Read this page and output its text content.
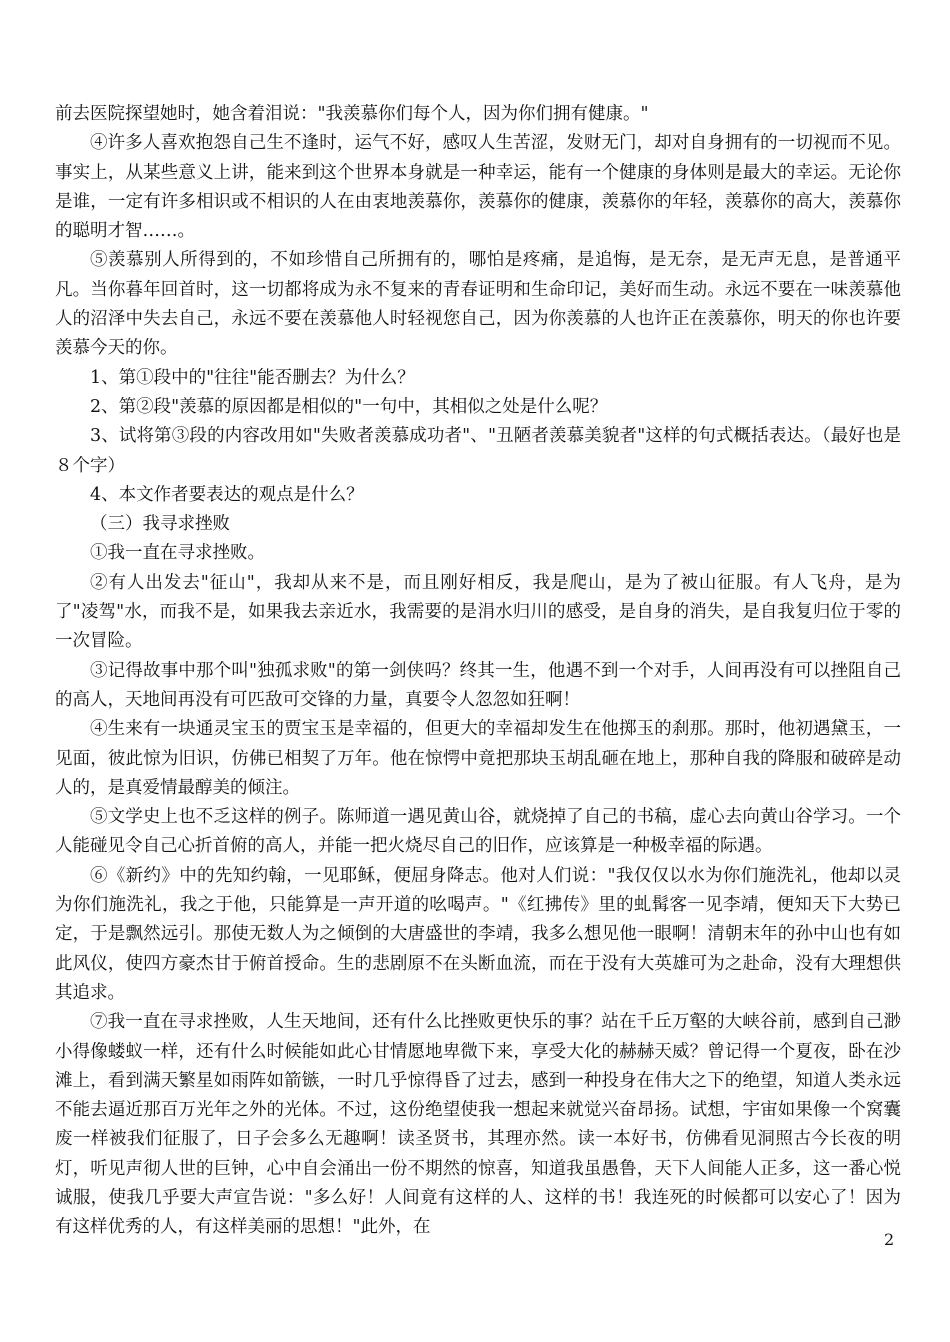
前去医院探望她时，她含着泪说："我羡慕你们每个人，因为你们拥有健康。"

④许多人喜欢抱怨自己生不逢时，运气不好，感叹人生苦涩，发财无门，却对自身拥有的一切视而不见。事实上，从某些意义上讲，能来到这个世界本身就是一种幸运，能有一个健康的身体则是最大的幸运。无论你是谁，一定有许多相识或不相识的人在由衷地羡慕你，羡慕你的健康，羡慕你的年轻，羡慕你的高大，羡慕你的聪明才智……。

⑤羡慕别人所得到的，不如珍惜自己所拥有的，哪怕是疼痛，是追悔，是无奈，是无声无息，是普通平凡。当你暮年回首时，这一切都将成为永不复来的青春证明和生命印记，美好而生动。永远不要在一味羡慕他人的沼泽中失去自己，永远不要在羡慕他人时轻视您自己，因为你羡慕的人也许正在羡慕你，明天的你也许要羡慕今天的你。

1、第①段中的"往往"能否删去？为什么？

2、第②段"羡慕的原因都是相似的"一句中，其相似之处是什么呢？

3、试将第③段的内容改用如"失败者羡慕成功者"、"丑陋者羡慕美貌者"这样的句式概括表达。（最好也是８个字）

4、本文作者要表达的观点是什么？

（三）我寻求挫败

①我一直在寻求挫败。

②有人出发去"征山"，我却从来不是，而且刚好相反，我是爬山，是为了被山征服。有人飞舟，是为了"凌驾"水，而我不是，如果我去亲近水，我需要的是涓水归川的感受，是自身的消失，是自我复归位于零的一次冒险。

③记得故事中那个叫"独孤求败"的第一剑侠吗？终其一生，他遇不到一个对手，人间再没有可以挫阻自己的高人，天地间再没有可匹敌可交锋的力量，真要令人忽忽如狂啊！

④生来有一块通灵宝玉的贾宝玉是幸福的，但更大的幸福却发生在他掷玉的刹那。那时，他初遇黛玉，一见面，彼此惊为旧识，仿佛已相契了万年。他在惊愕中竟把那块玉胡乱砸在地上，那种自我的降服和破碎是动人的，是真爱情最醇美的倾注。

⑤文学史上也不乏这样的例子。陈师道一遇见黄山谷，就烧掉了自己的书稿，虚心去向黄山谷学习。一个人能碰见令自己心折首俯的高人，并能一把火烧尽自己的旧作，应该算是一种极幸福的际遇。

⑥《新约》中的先知约翰，一见耶稣，便屈身降志。他对人们说："我仅仅以水为你们施洗礼，他却以灵为你们施洗礼，我之于他，只能算是一声开道的吆喝声。"《红拂传》里的虬髯客一见李靖，便知天下大势已定，于是飘然远引。那使无数人为之倾倒的大唐盛世的李靖，我多么想见他一眼啊！清朝末年的孙中山也有如此风仪，使四方豪杰甘于俯首授命。生的悲剧原不在头断血流，而在于没有大英雄可为之赴命，没有大理想供其追求。

⑦我一直在寻求挫败，人生天地间，还有什么比挫败更快乐的事？站在千丘万壑的大峡谷前，感到自己渺小得像蝼蚁一样，还有什么时候能如此心甘情愿地卑微下来，享受大化的赫赫天威？曾记得一个夏夜，卧在沙滩上，看到满天繁星如雨阵如箭镞，一时几乎惊得昏了过去，感到一种投身在伟大之下的绝望，知道人类永远不能去逼近那百万光年之外的光体。不过，这份绝望使我一想起来就觉兴奋昂扬。试想，宇宙如果像一个窝囊废一样被我们征服了，日子会多么无趣啊！读圣贤书，其理亦然。读一本好书，仿佛看见洞照古今长夜的明灯，听见声彻人世的巨钟，心中自会涌出一份不期然的惊喜，知道我虽愚鲁，天下人间能人正多，这一番心悦诚服，使我几乎要大声宣告说："多么好！人间竟有这样的人、这样的书！我连死的时候都可以安心了！因为有这样优秀的人，有这样美丽的思想！"此外，在

2
